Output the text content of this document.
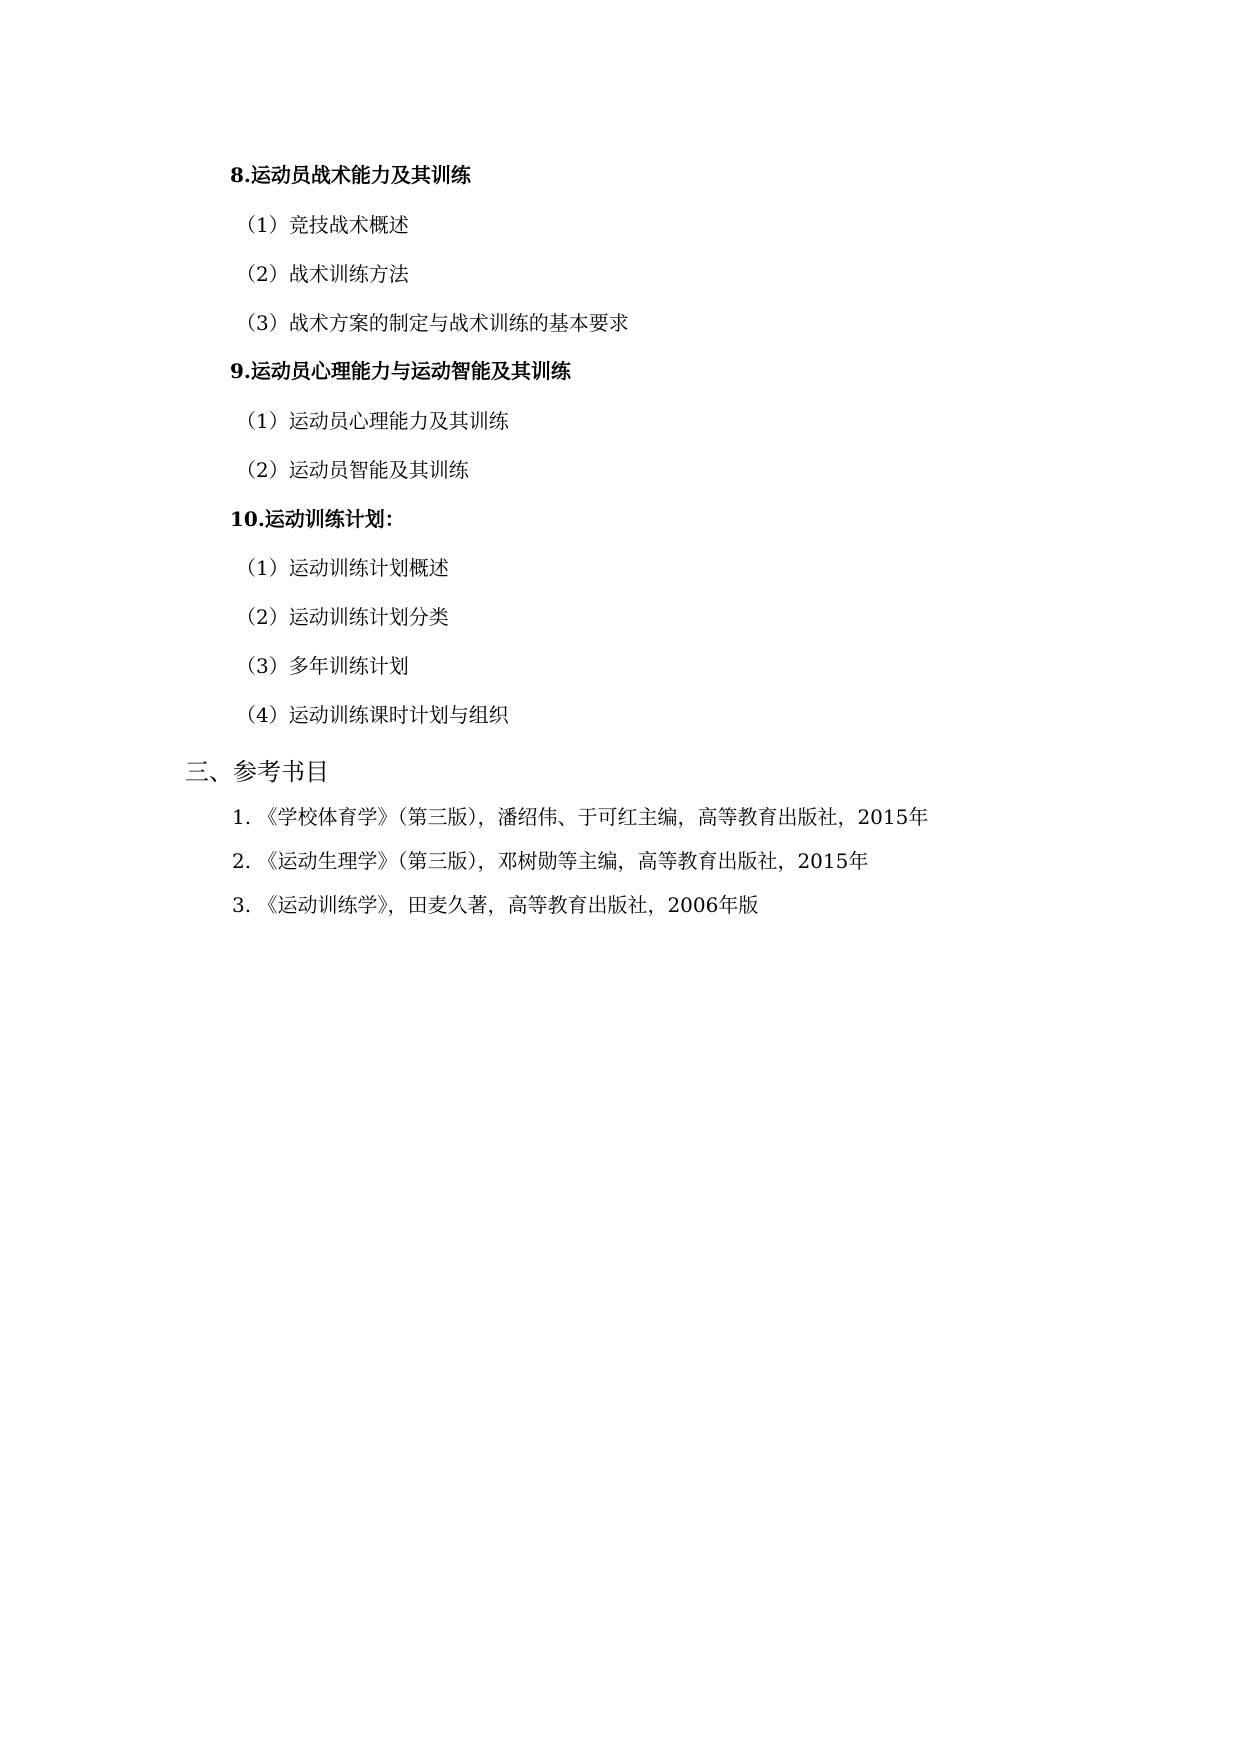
8.运动员战术能力及其训练
（1）竞技战术概述
（2）战术训练方法
（3）战术方案的制定与战术训练的基本要求
9.运动员心理能力与运动智能及其训练
（1）运动员心理能力及其训练
（2）运动员智能及其训练
10.运动训练计划：
（1）运动训练计划概述
（2）运动训练计划分类
（3）多年训练计划
（4）运动训练课时计划与组织
三、参考书目
1. 《学校体育学》（第三版），潘绍伟、于可红主编，高等教育出版社，2015年
2. 《运动生理学》（第三版），邓树勋等主编，高等教育出版社，2015年
3. 《运动训练学》，田麦久著，高等教育出版社，2006年版
